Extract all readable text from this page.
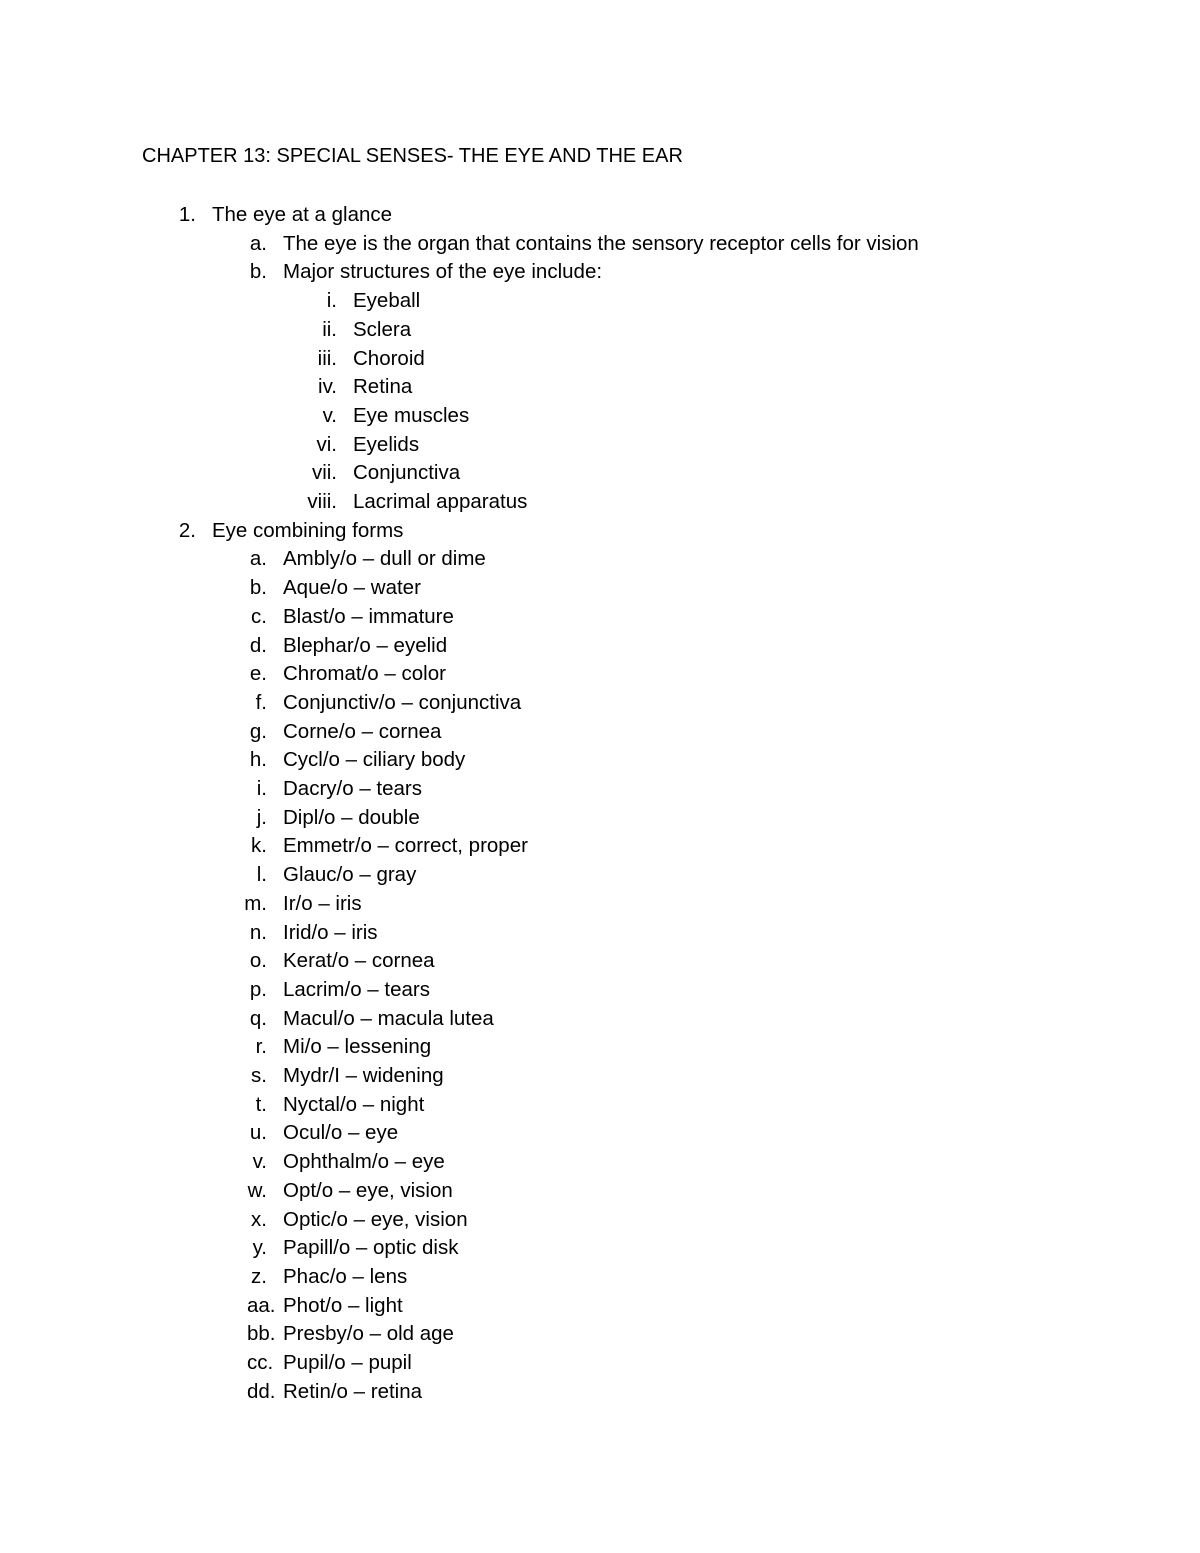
CHAPTER 13: SPECIAL SENSES- THE EYE AND THE EAR
1. The eye at a glance
a. The eye is the organ that contains the sensory receptor cells for vision
b. Major structures of the eye include:
i. Eyeball
ii. Sclera
iii. Choroid
iv. Retina
v. Eye muscles
vi. Eyelids
vii. Conjunctiva
viii. Lacrimal apparatus
2. Eye combining forms
a. Ambly/o – dull or dime
b. Aque/o – water
c. Blast/o – immature
d. Blephar/o – eyelid
e. Chromat/o – color
f. Conjunctiv/o – conjunctiva
g. Corne/o – cornea
h. Cycl/o – ciliary body
i. Dacry/o – tears
j. Dipl/o – double
k. Emmetr/o – correct, proper
l. Glauc/o – gray
m. Ir/o – iris
n. Irid/o – iris
o. Kerat/o – cornea
p. Lacrim/o – tears
q. Macul/o – macula lutea
r. Mi/o – lessening
s. Mydr/I – widening
t. Nyctal/o – night
u. Ocul/o – eye
v. Ophthalm/o – eye
w. Opt/o – eye, vision
x. Optic/o – eye, vision
y. Papill/o – optic disk
z. Phac/o – lens
aa. Phot/o – light
bb. Presby/o – old age
cc. Pupil/o – pupil
dd. Retin/o – retina
